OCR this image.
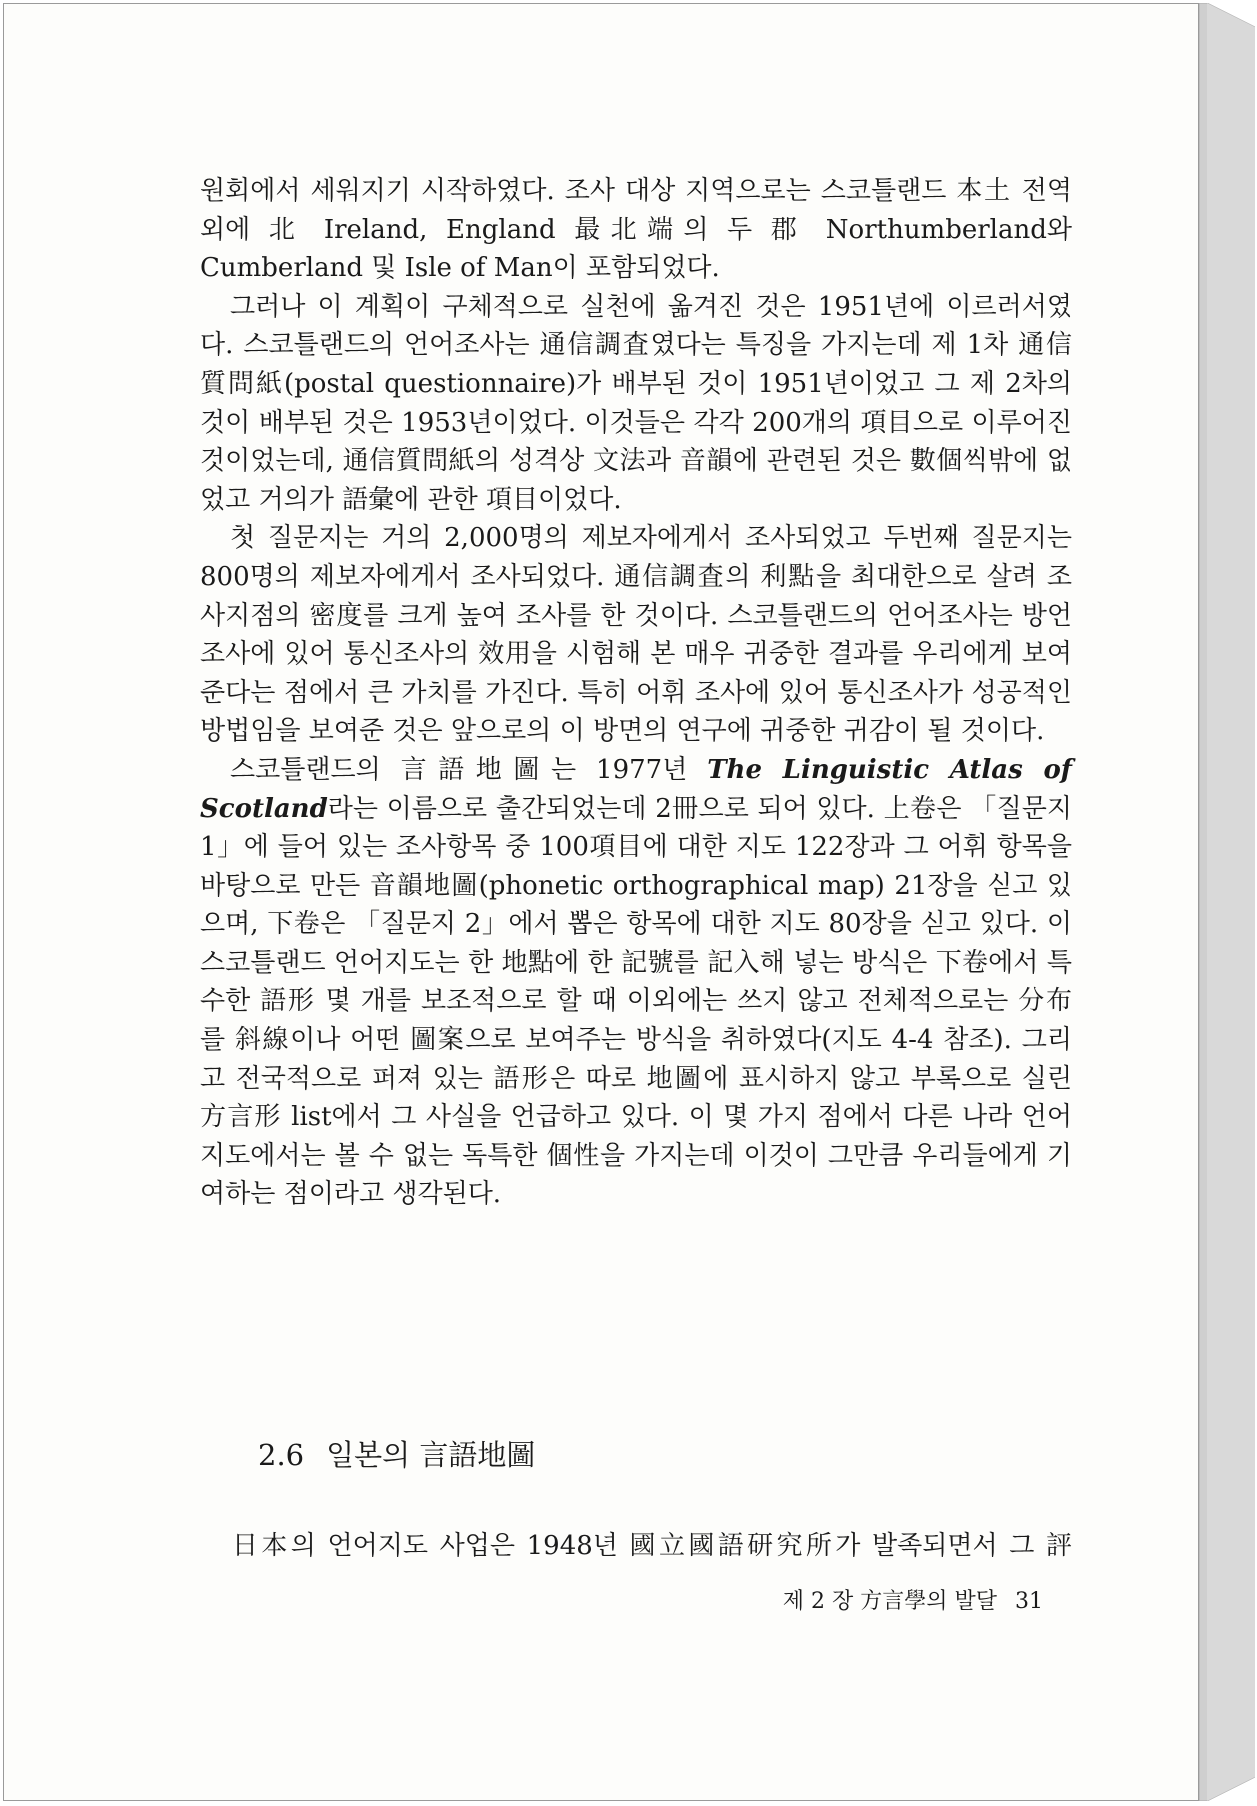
원회에서 세워지기 시작하였다. 조사 대상 지역으로는 스코틀랜드 本土 전역 외에 北 Ireland, England 最北端의 두 郡 Northumberland와 Cumberland 및 Isle of Man이 포함되었다.

그러나 이 계획이 구체적으로 실천에 옮겨진 것은 1951년에 이르러서였다. 스코틀랜드의 언어조사는 通信調査였다는 특징을 가지는데 제 1차 通信質問紙(postal questionnaire)가 배부된 것이 1951년이었고 그 제 2차의 것이 배부된 것은 1953년이었다. 이것들은 각각 200개의 項目으로 이루어진 것이었는데, 通信質問紙의 성격상 文法과 音韻에 관련된 것은 數個씩밖에 없었고 거의가 語彙에 관한 項目이었다.

첫 질문지는 거의 2,000명의 제보자에게서 조사되었고 두번째 질문지는 800명의 제보자에게서 조사되었다. 通信調査의 利點을 최대한으로 살려 조사지점의 密度를 크게 높여 조사를 한 것이다. 스코틀랜드의 언어조사는 방언조사에 있어 통신조사의 效用을 시험해 본 매우 귀중한 결과를 우리에게 보여준다는 점에서 큰 가치를 가진다. 특히 어휘 조사에 있어 통신조사가 성공적인 방법임을 보여준 것은 앞으로의 이 방면의 연구에 귀중한 귀감이 될 것이다.

스코틀랜드의 言語地圖는 1977년 The Linguistic Atlas of Scotland라는 이름으로 출간되었는데 2冊으로 되어 있다. 上卷은 「질문지 1」에 들어 있는 조사항목 중 100項目에 대한 지도 122장과 그 어휘 항목을 바탕으로 만든 音韻地圖(phonetic orthographical map) 21장을 싣고 있으며, 下卷은 「질문지 2」에서 뽑은 항목에 대한 지도 80장을 싣고 있다. 이 스코틀랜드 언어지도는 한 地點에 한 記號를 記入해 넣는 방식은 下卷에서 특수한 語形 몇 개를 보조적으로 할 때 이외에는 쓰지 않고 전체적으로는 分布를 斜線이나 어떤 圖案으로 보여주는 방식을 취하였다(지도 4-4 참조). 그리고 전국적으로 퍼져 있는 語形은 따로 地圖에 표시하지 않고 부록으로 실린 方言形 list에서 그 사실을 언급하고 있다. 이 몇 가지 점에서 다른 나라 언어지도에서는 볼 수 없는 독특한 個性을 가지는데 이것이 그만큼 우리들에게 기여하는 점이라고 생각된다.

2.6 일본의 言語地圖
日本의 언어지도 사업은 1948년 國立國語研究所가 발족되면서 그 評
제 2 장 方言學의 발달 31
